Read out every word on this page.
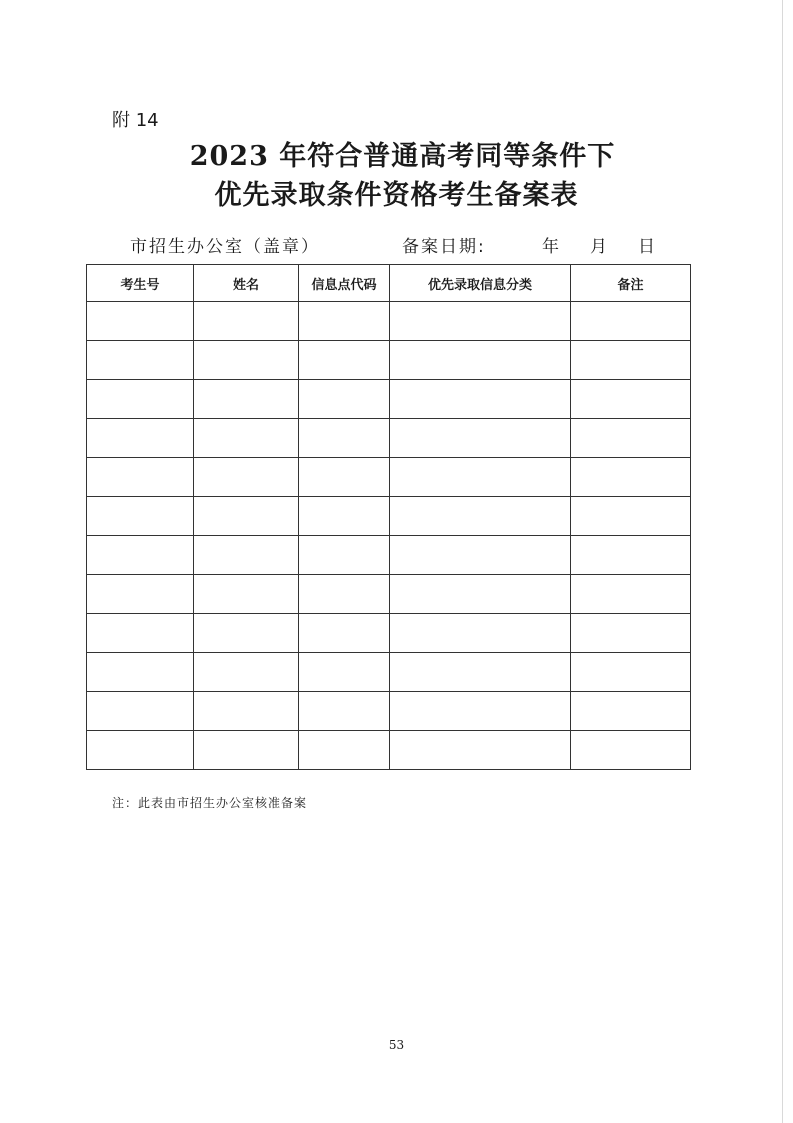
附 14
2023 年符合普通高考同等条件下
优先录取条件资格考生备案表
市招生办公室（盖章）	备案日期:	年 月 日
考生号	姓名	信息点代码	优先录取信息分类	备注

注：此表由市招生办公室核准备案
53
